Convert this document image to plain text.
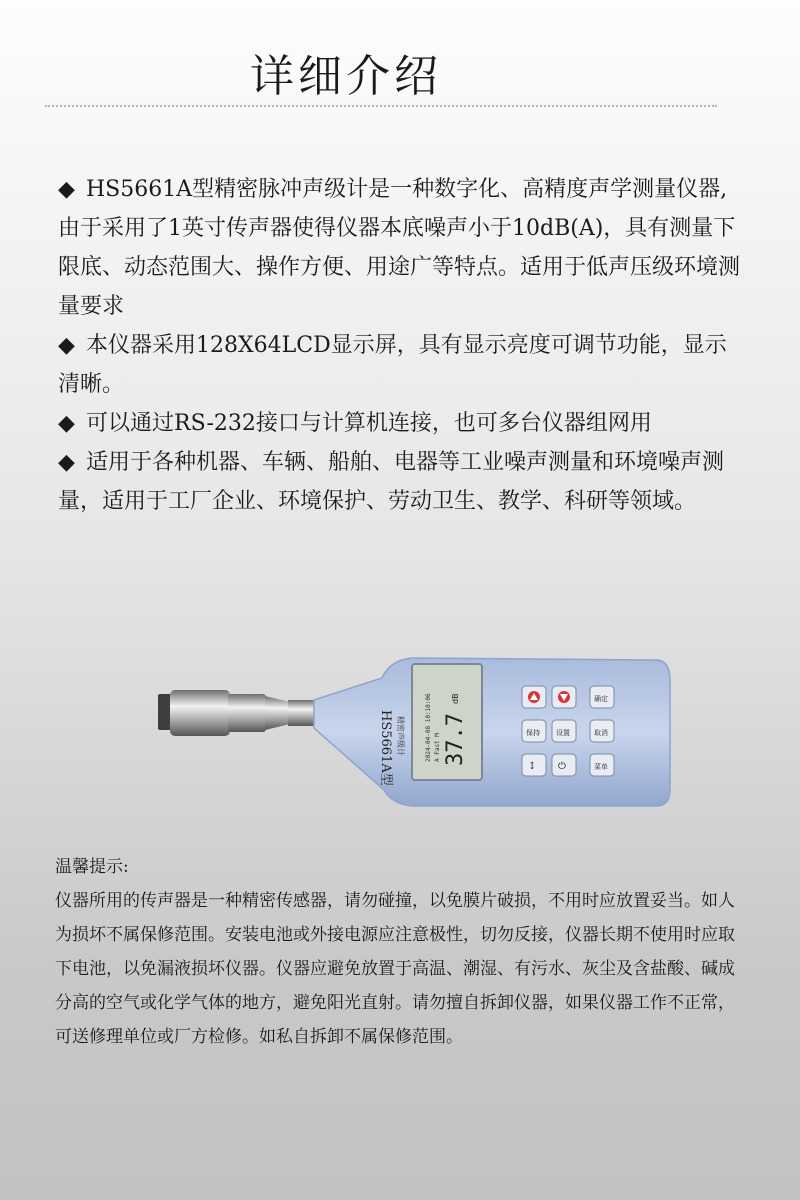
详细介绍

◆ HS5661A型精密脉冲声级计是一种数字化、高精度声学测量仪器,由于采用了1英寸传声器使得仪器本底噪声小于10dB(A)，具有测量下限底、动态范围大、操作方便、用途广等特点。适用于低声压级环境测量要求

◆ 本仪器采用128X64LCD显示屏，具有显示亮度可调节功能，显示清晰。

◆ 可以通过RS-232接口与计算机连接，也可多台仪器组网用

◆ 适用于各种机器、车辆、船舶、电器等工业噪声测量和环境噪声测量，适用于工厂企业、环境保护、劳动卫生、教学、科研等领域。

HS5661A型 精密声级计 37.7
dB
2024-04-08 10:10:06 A Fast M
确定
保持 设置	取消
↕ ⏻	菜单
温馨提示:

仪器所用的传声器是一种精密传感器，请勿碰撞，以免膜片破损，不用时应放置妥当。如人为损坏不属保修范围。安装电池或外接电源应注意极性，切勿反接，仪器长期不使用时应取下电池，以免漏液损坏仪器。仪器应避免放置于高温、潮湿、有污水、灰尘及含盐酸、碱成分高的空气或化学气体的地方，避免阳光直射。请勿擅自拆卸仪器，如果仪器工作不正常，可送修理单位或厂方检修。如私自拆卸不属保修范围。
